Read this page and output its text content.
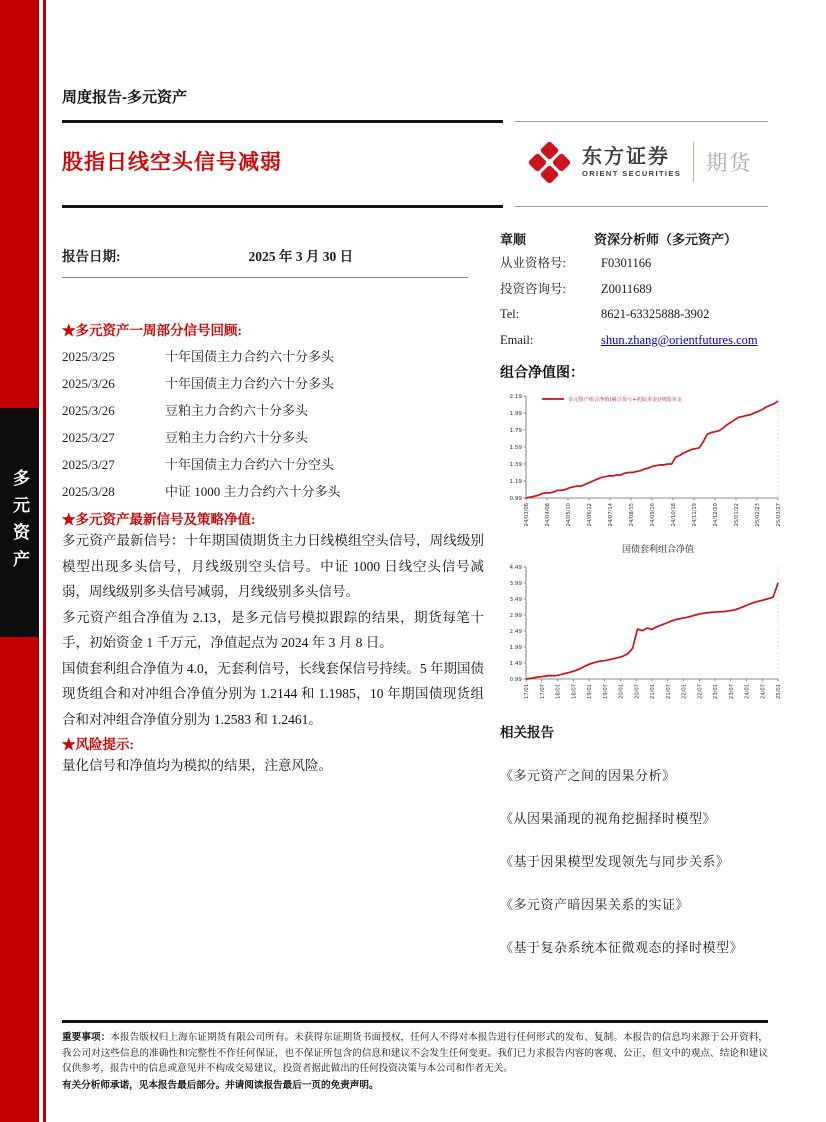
多元资产
周度报告-多元资产
股指日线空头信号减弱	东方证券
ORIENT SECURITIES 期货
报告日期:	2025 年 3 月 30 日
★多元资产一周部分信号回顾:
2025/3/25	十年国债主力合约六十分多头
2025/3/26	十年国债主力合约六十分多头
2025/3/26	豆粕主力合约六十分多头
2025/3/27	豆粕主力合约六十分多头
2025/3/27	十年国债主力合约六十分空头
2025/3/28	中证 1000 主力合约六十分多头
★多元资产最新信号及策略净值:

多元资产最新信号：十年期国债期货主力日线模组空头信号，周线级别模型出现多头信号，月线级别空头信号。中证 1000 日线空头信号减弱，周线级别多头信号减弱，月线级别多头信号。

多元资产组合净值为 2.13，是多元信号模拟跟踪的结果，期货每笔十手，初始资金 1 千万元，净值起点为 2024 年 3 月 8 日。

国债套利组合净值为 4.0，无套利信号，长线套保信号持续。5 年期国债现货组合和对冲组合净值分别为 1.2144 和 1.1985，10 年期国债现货组合和对冲组合净值分别为 1.2583 和 1.2461。

★风险提示:

量化信号和净值均为模拟的结果，注意风险。

章顺	资深分析师（多元资产）
从业资格号:	F0301166
投资咨询号:	Z0011689
Tel:	8621-63325888-3902
Email:	shun.zhang@orientfutures.com
组合净值图：
0.99
1.19
1.39
1.59
1.79
1.99
2.19
24/03/08	24/04/08	24/05/10	24/06/12	24/07/14	24/08/15	24/09/16	24/10/18	24/11/19	24/12/20	25/01/22	25/02/23	25/03/27
多元资产组合净值(累计盈亏+初始本金)/初始本金
国债套利组合净值
0.99
1.49
1.99
2.49
2.99
3.49
3.99
4.49
17/01 17/07 18/01 18/07 19/01 19/07 20/01 20/07 21/01 21/07 22/01 22/07 23/01 23/07 24/01 24/07 25/01
相关报告
《多元资产之间的因果分析》
《从因果涌现的视角挖掘择时模型》
《基于因果模型发现领先与同步关系》
《多元资产暗因果关系的实证》
《基于复杂系统本征微观态的择时模型》
重要事项：本报告版权归上海东证期货有限公司所有。未获得东证期货书面授权，任何人不得对本报告进行任何形式的发布、复制。本报告的信息均来源于公开资料，我公司对这些信息的准确性和完整性不作任何保证，也不保证所包含的信息和建议不会发生任何变更。我们已力求报告内容的客观、公正，但文中的观点、结论和建议仅供参考，报告中的信息或意见并不构成交易建议，投资者据此做出的任何投资决策与本公司和作者无关。
有关分析师承诺，见本报告最后部分。并请阅读报告最后一页的免责声明。
